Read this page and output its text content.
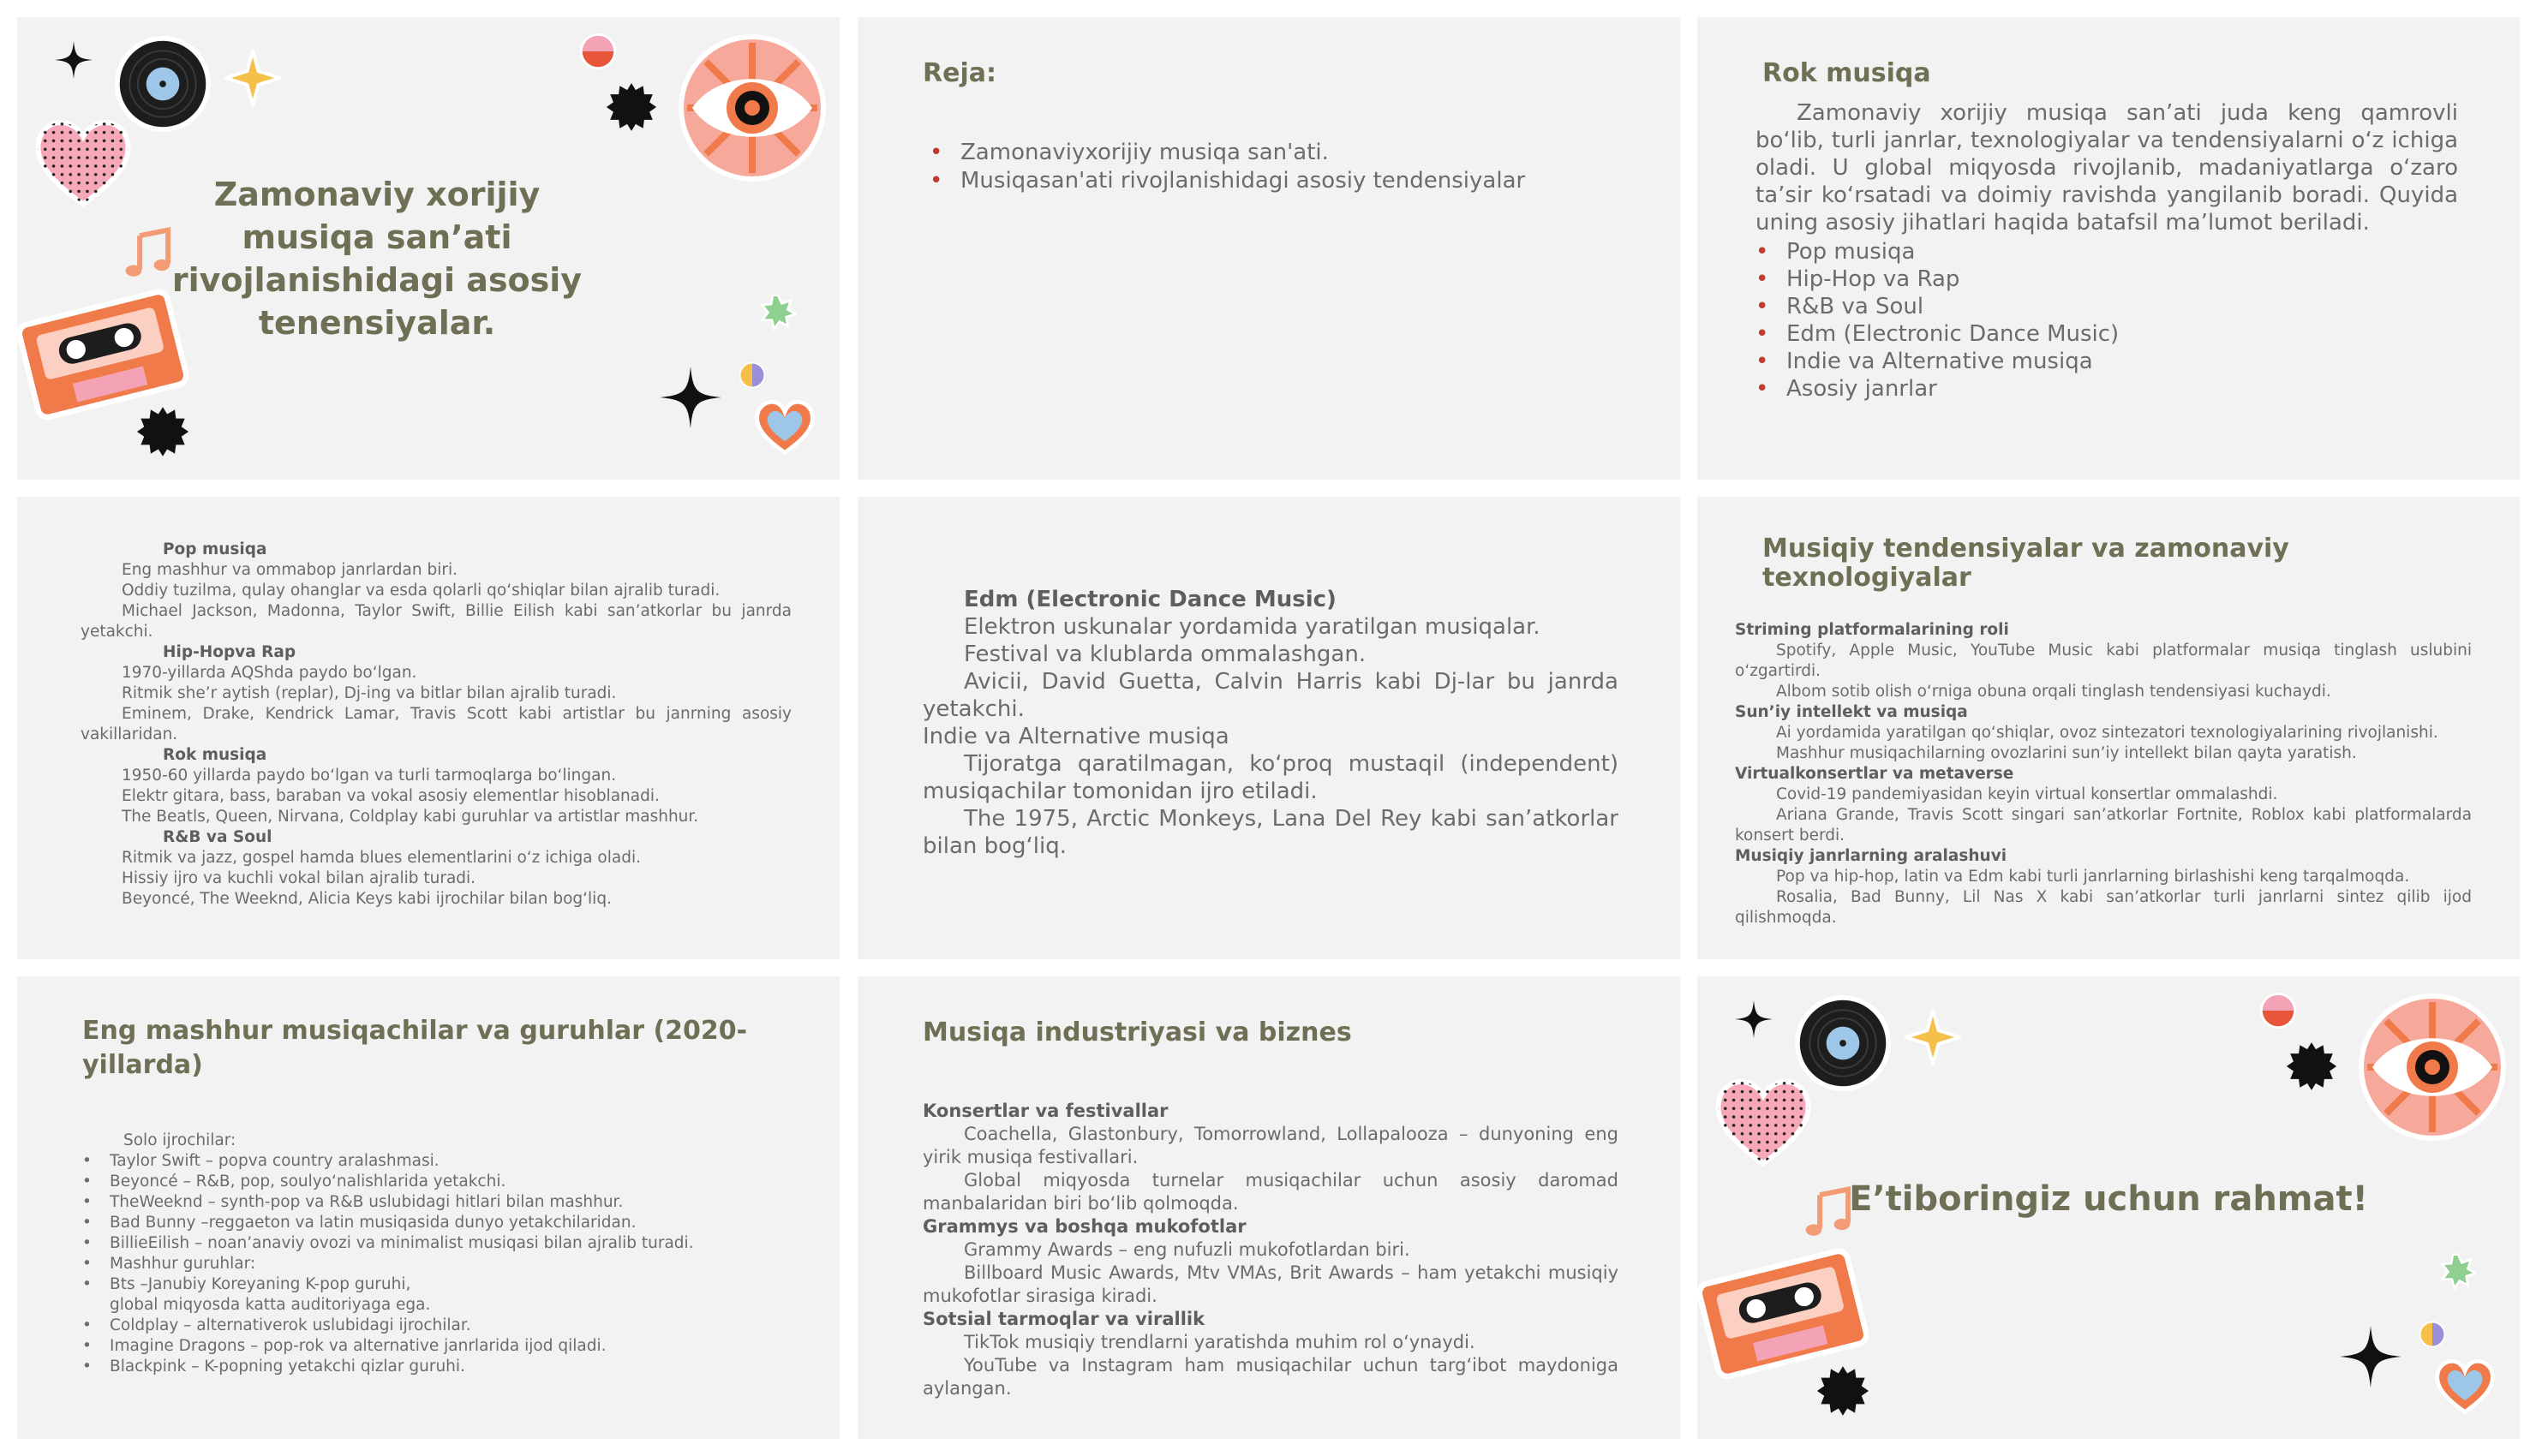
Zamonaviy xorijiy musiqa san’ati rivojlanishidagi asosiy tenensiyalar.
Reja:
• Zamonaviyxorijiy musiqa san'ati.
• Musiqasan'ati rivojlanishidagi asosiy tendensiyalar
Rok musiqa
Zamonaviy xorijiy musiqa san’ati juda keng qamrovli bo‘lib, turli janrlar, texnologiyalar va tendensiyalarni o‘z ichiga oladi. U global miqyosda rivojlanib, madaniyatlarga o‘zaro ta’sir ko‘rsatadi va doimiy ravishda yangilanib boradi. Quyida uning asosiy jihatlari haqida batafsil ma’lumot beriladi.
• Pop musiqa
• Hip-Hop va Rap
• R&B va Soul
• Edm (Electronic Dance Music)
• Indie va Alternative musiqa
• Asosiy janrlar
Pop musiqa
Eng mashhur va ommabop janrlardan biri.
Oddiy tuzilma, qulay ohanglar va esda qolarli qo‘shiqlar bilan ajralib turadi.
Michael Jackson, Madonna, Taylor Swift, Billie Eilish kabi san’atkorlar bu janrda yetakchi.
Hip-Hopva Rap
1970-yillarda AQShda paydo bo‘lgan.
Ritmik she’r aytish (replar), Dj-ing va bitlar bilan ajralib turadi.
Eminem, Drake, Kendrick Lamar, Travis Scott kabi artistlar bu janrning asosiy vakillaridan.
Rok musiqa
1950-60 yillarda paydo bo‘lgan va turli tarmoqlarga bo‘lingan.
Elektr gitara, bass, baraban va vokal asosiy elementlar hisoblanadi.
The Beatls, Queen, Nirvana, Coldplay kabi guruhlar va artistlar mashhur.
R&B va Soul
Ritmik va jazz, gospel hamda blues elementlarini o‘z ichiga oladi.
Hissiy ijro va kuchli vokal bilan ajralib turadi.
Beyoncé, The Weeknd, Alicia Keys kabi ijrochilar bilan bog‘liq.
Edm (Electronic Dance Music)
Elektron uskunalar yordamida yaratilgan musiqalar.
Festival va klublarda ommalashgan.
Avicii, David Guetta, Calvin Harris kabi Dj-lar bu janrda yetakchi.
Indie va Alternative musiqa
Tijoratga qaratilmagan, ko‘proq mustaqil (independent) musiqachilar tomonidan ijro etiladi.
The 1975, Arctic Monkeys, Lana Del Rey kabi san’atkorlar bilan bog‘liq.
Musiqiy tendensiyalar va zamonaviy texnologiyalar
Striming platformalarining roli
Spotify, Apple Music, YouTube Music kabi platformalar musiqa tinglash uslubini o‘zgartirdi.
Albom sotib olish o‘rniga obuna orqali tinglash tendensiyasi kuchaydi.
Sun’iy intellekt va musiqa
Ai yordamida yaratilgan qo‘shiqlar, ovoz sintezatori texnologiyalarining rivojlanishi.
Mashhur musiqachilarning ovozlarini sun’iy intellekt bilan qayta yaratish.
Virtualkonsertlar va metaverse
Covid-19 pandemiyasidan keyin virtual konsertlar ommalashdi.
Ariana Grande, Travis Scott singari san’atkorlar Fortnite, Roblox kabi platformalarda konsert berdi.
Musiqiy janrlarning aralashuvi
Pop va hip-hop, latin va Edm kabi turli janrlarning birlashishi keng tarqalmoqda.
Rosalia, Bad Bunny, Lil Nas X kabi san’atkorlar turli janrlarni sintez qilib ijod qilishmoqda.
Eng mashhur musiqachilar va guruhlar (2020-yillarda)
Solo ijrochilar:
• Taylor Swift – popva country aralashmasi.
• Beyoncé – R&B, pop, soulyo‘nalishlarida yetakchi.
• TheWeeknd – synth-pop va R&B uslubidagi hitlari bilan mashhur.
• Bad Bunny –reggaeton va latin musiqasida dunyo yetakchilaridan.
• BillieEilish – noan’anaviy ovozi va minimalist musiqasi bilan ajralib turadi.
• Mashhur guruhlar:
• Bts –Janubiy Koreyaning K-pop guruhi, global miqyosda katta auditoriyaga ega.
• Coldplay – alternativerok uslubidagi ijrochilar.
• Imagine Dragons – pop-rok va alternative janrlarida ijod qiladi.
• Blackpink – K-popning yetakchi qizlar guruhi.
Musiqa industriyasi va biznes
Konsertlar va festivallar
Coachella, Glastonbury, Tomorrowland, Lollapalooza – dunyoning eng yirik musiqa festivallari.
Global miqyosda turnelar musiqachilar uchun asosiy daromad manbalaridan biri bo‘lib qolmoqda.
Grammys va boshqa mukofotlar
Grammy Awards – eng nufuzli mukofotlardan biri.
Billboard Music Awards, Mtv VMAs, Brit Awards – ham yetakchi musiqiy mukofotlar sirasiga kiradi.
Sotsial tarmoqlar va virallik
TikTok musiqiy trendlarni yaratishda muhim rol o‘ynaydi.
YouTube va Instagram ham musiqachilar uchun targ‘ibot maydoniga aylangan.
E’tiboringiz uchun rahmat!
